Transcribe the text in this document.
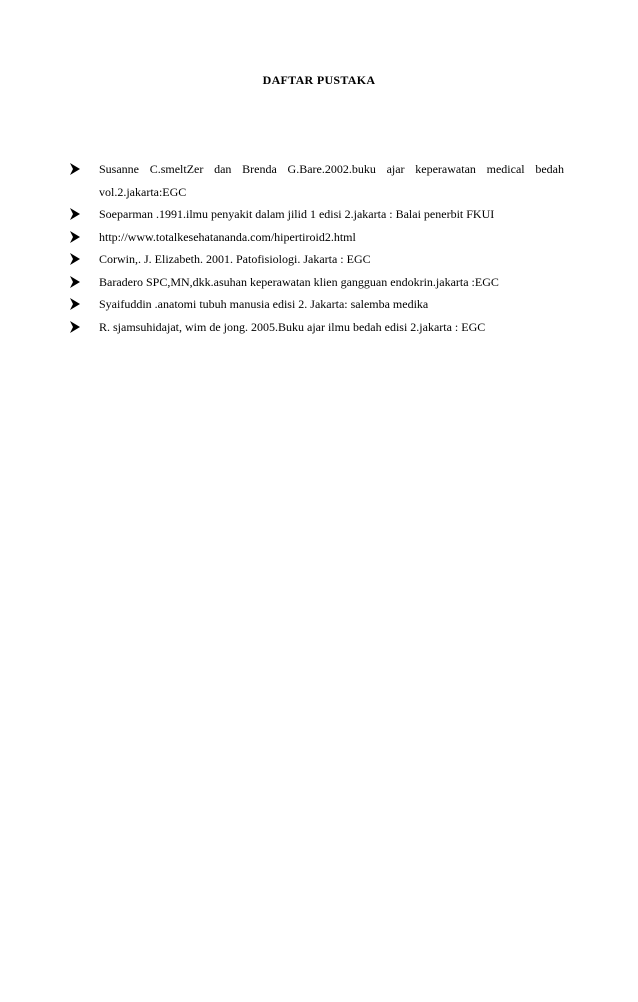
DAFTAR PUSTAKA
Susanne C.smeltZer dan Brenda G.Bare.2002.buku ajar keperawatan medical bedah vol.2.jakarta:EGC
Soeparman .1991.ilmu penyakit dalam jilid 1 edisi 2.jakarta : Balai penerbit FKUI
http://www.totalkesehatananda.com/hipertiroid2.html
Corwin,. J. Elizabeth. 2001. Patofisiologi. Jakarta : EGC
Baradero SPC,MN,dkk.asuhan keperawatan klien gangguan endokrin.jakarta :EGC
Syaifuddin .anatomi tubuh manusia edisi 2. Jakarta: salemba medika
R. sjamsuhidajat, wim de jong. 2005.Buku ajar ilmu bedah edisi 2.jakarta : EGC
